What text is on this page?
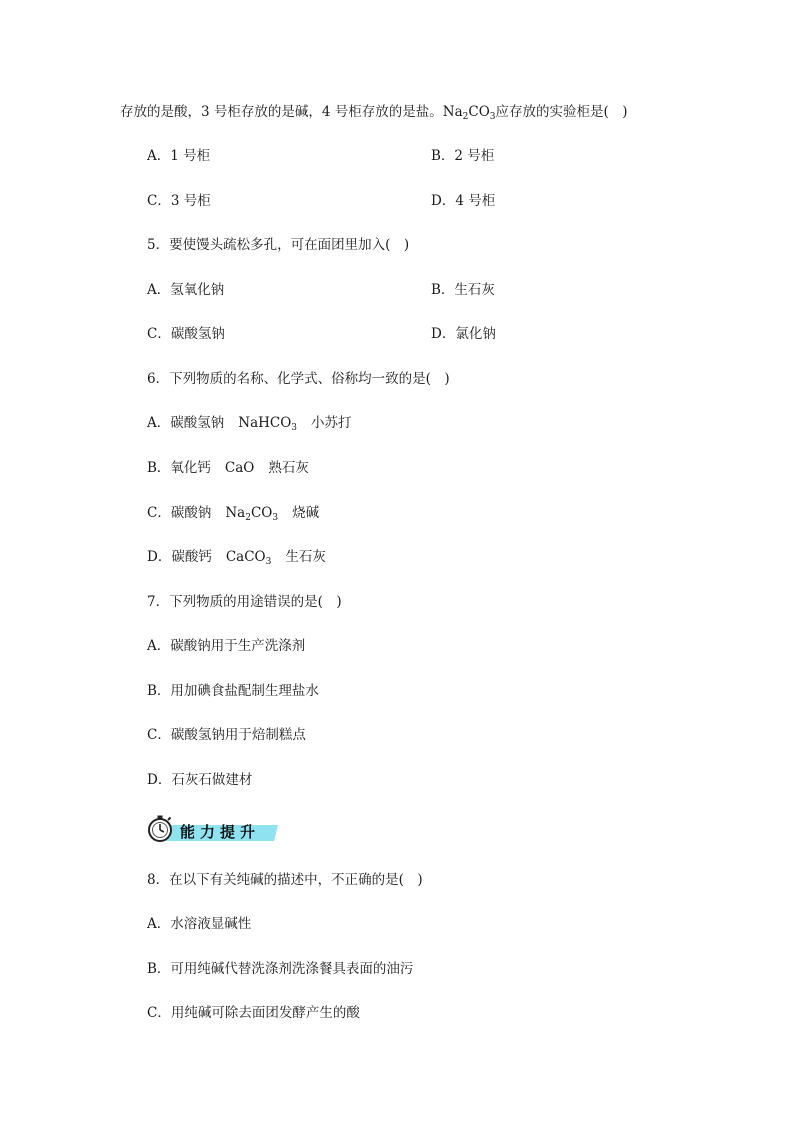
存放的是酸，3 号柜存放的是碱，4 号柜存放的是盐。$Na_2CO_3$应存放的实验柜是(　)
A．1 号柜	B．2 号柜
C．3 号柜	D．4 号柜
5．要使馒头疏松多孔，可在面团里加入(　)
A．氢氧化钠	B．生石灰
C．碳酸氢钠	D．氯化钠
6．下列物质的名称、化学式、俗称均一致的是(　)
A．碳酸氢钠 NaHCO$_3$ 小苏打
B．氧化钙 CaO 熟石灰
C．碳酸钠 $Na_2CO_3$ 烧碱
D．碳酸钙 CaCO$_3$ 生石灰
7．下列物质的用途错误的是(　)
A．碳酸钠用于生产洗涤剂
B．用加碘食盐配制生理盐水
C．碳酸氢钠用于焙制糕点
D．石灰石做建材
能力提升
8．在以下有关纯碱的描述中，不正确的是(　)
A．水溶液显碱性
B．可用纯碱代替洗涤剂洗涤餐具表面的油污
C．用纯碱可除去面团发酵产生的酸
